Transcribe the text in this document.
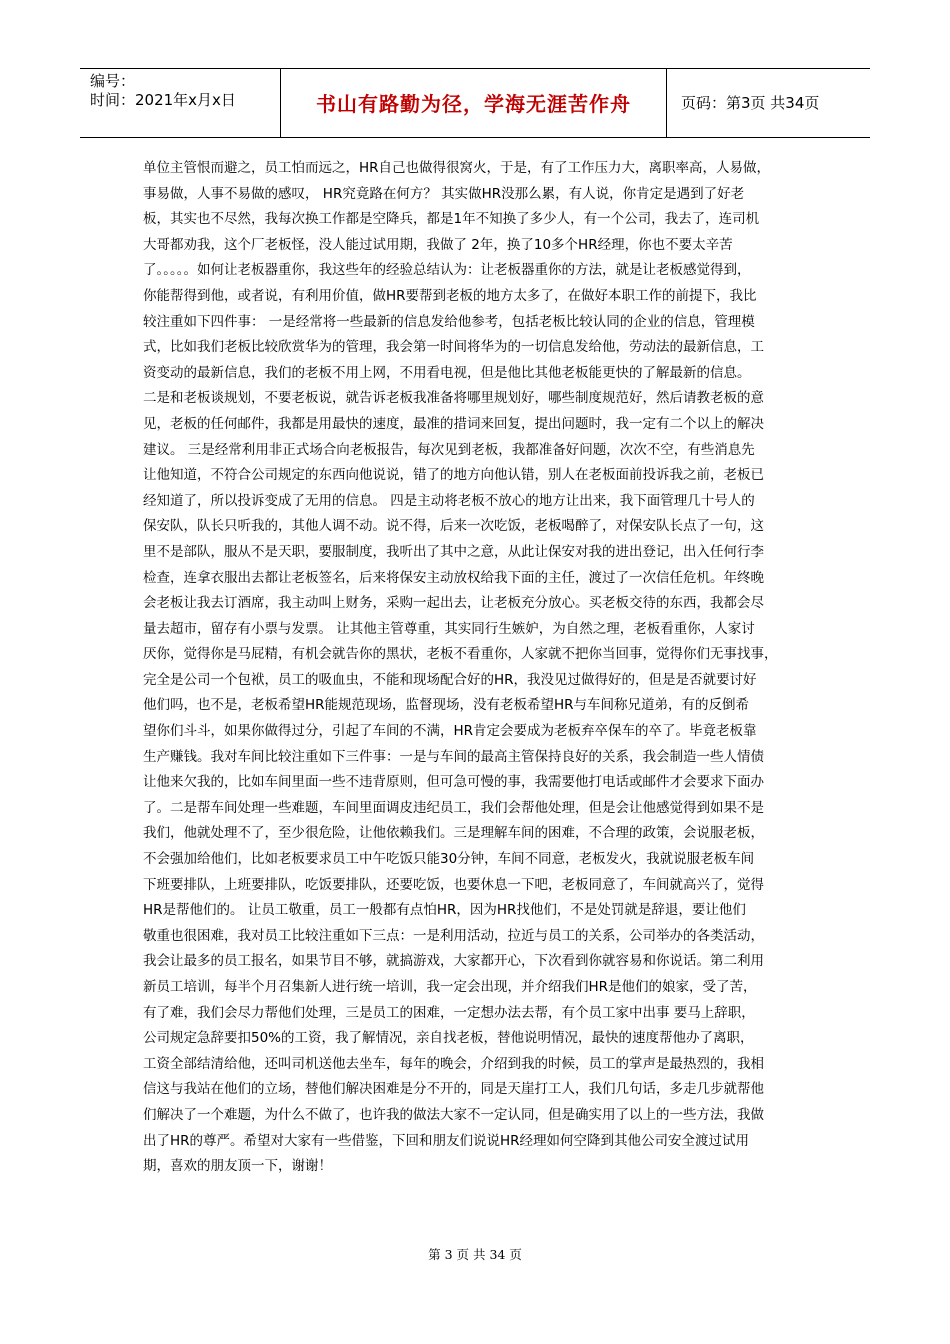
编号：
时间：2021年x月x日	书山有路勤为径，学海无涯苦作舟	页码：第3页 共34页
单位主管恨而避之，员工怕而远之，HR自己也做得很窝火，于是，有了工作压力大，离职率高，人易做，
事易做，人事不易做的感叹， HR究竟路在何方？ 其实做HR没那么累，有人说，你肯定是遇到了好老
板，其实也不尽然，我每次换工作都是空降兵，都是1年不知换了多少人，有一个公司，我去了，连司机
大哥都劝我，这个厂老板怪，没人能过试用期，我做了 2年，换了10多个HR经理，你也不要太辛苦
了。。。。。如何让老板器重你，我这些年的经验总结认为：让老板器重你的方法，就是让老板感觉得到，
你能帮得到他，或者说，有利用价值，做HR要帮到老板的地方太多了，在做好本职工作的前提下，我比
较注重如下四件事： 一是经常将一些最新的信息发给他参考，包括老板比较认同的企业的信息，管理模
式，比如我们老板比较欣赏华为的管理，我会第一时间将华为的一切信息发给他，劳动法的最新信息，工
资变动的最新信息，我们的老板不用上网，不用看电视，但是他比其他老板能更快的了解最新的信息。
二是和老板谈规划，不要老板说，就告诉老板我准备将哪里规划好，哪些制度规范好，然后请教老板的意
见，老板的任何邮件，我都是用最快的速度，最准的措词来回复，提出问题时，我一定有二个以上的解决
建议。 三是经常利用非正式场合向老板报告，每次见到老板，我都准备好问题，次次不空，有些消息先
让他知道，不符合公司规定的东西向他说说，错了的地方向他认错，别人在老板面前投诉我之前，老板已
经知道了，所以投诉变成了无用的信息。 四是主动将老板不放心的地方让出来，我下面管理几十号人的
保安队，队长只听我的，其他人调不动。说不得，后来一次吃饭，老板喝醉了，对保安队长点了一句，这
里不是部队，服从不是天职，要服制度，我听出了其中之意，从此让保安对我的进出登记，出入任何行李
检查，连拿衣服出去都让老板签名，后来将保安主动放权给我下面的主任，渡过了一次信任危机。年终晚
会老板让我去订酒席，我主动叫上财务，采购一起出去，让老板充分放心。买老板交待的东西，我都会尽
量去超市，留存有小票与发票。 让其他主管尊重，其实同行生嫉妒，为自然之理，老板看重你，人家讨
厌你，觉得你是马屁精，有机会就告你的黑状，老板不看重你，人家就不把你当回事，觉得你们无事找事，
完全是公司一个包袱，员工的吸血虫，不能和现场配合好的HR，我没见过做得好的，但是是否就要讨好
他们吗，也不是，老板希望HR能规范现场，监督现场，没有老板希望HR与车间称兄道弟，有的反倒希
望你们斗斗，如果你做得过分，引起了车间的不满，HR肯定会要成为老板弃卒保车的卒了。毕竟老板靠
生产赚钱。我对车间比较注重如下三件事：一是与车间的最高主管保持良好的关系，我会制造一些人情债
让他来欠我的，比如车间里面一些不违背原则，但可急可慢的事，我需要他打电话或邮件才会要求下面办
了。二是帮车间处理一些难题，车间里面调皮违纪员工，我们会帮他处理，但是会让他感觉得到如果不是
我们，他就处理不了，至少很危险，让他依赖我们。三是理解车间的困难，不合理的政策，会说服老板，
不会强加给他们，比如老板要求员工中午吃饭只能30分钟，车间不同意，老板发火，我就说服老板车间
下班要排队，上班要排队，吃饭要排队，还要吃饭，也要休息一下吧，老板同意了，车间就高兴了，觉得
HR是帮他们的。 让员工敬重，员工一般都有点怕HR，因为HR找他们，不是处罚就是辞退，要让他们
敬重也很困难，我对员工比较注重如下三点：一是利用活动，拉近与员工的关系，公司举办的各类活动，
我会让最多的员工报名，如果节目不够，就搞游戏，大家都开心，下次看到你就容易和你说话。第二利用
新员工培训，每半个月召集新人进行统一培训，我一定会出现，并介绍我们HR是他们的娘家，受了苦，
有了难，我们会尽力帮他们处理，三是员工的困难，一定想办法去帮，有个员工家中出事 要马上辞职，
公司规定急辞要扣50%的工资，我了解情况，亲自找老板，替他说明情况，最快的速度帮他办了离职，
工资全部结清给他，还叫司机送他去坐车，每年的晚会，介绍到我的时候，员工的掌声是最热烈的，我相
信这与我站在他们的立场，替他们解决困难是分不开的，同是天崖打工人，我们几句话，多走几步就帮他
们解决了一个难题，为什么不做了，也许我的做法大家不一定认同，但是确实用了以上的一些方法，我做
出了HR的尊严。希望对大家有一些借鉴，下回和朋友们说说HR经理如何空降到其他公司安全渡过试用
期，喜欢的朋友顶一下，谢谢！
第 3 页 共 34 页
